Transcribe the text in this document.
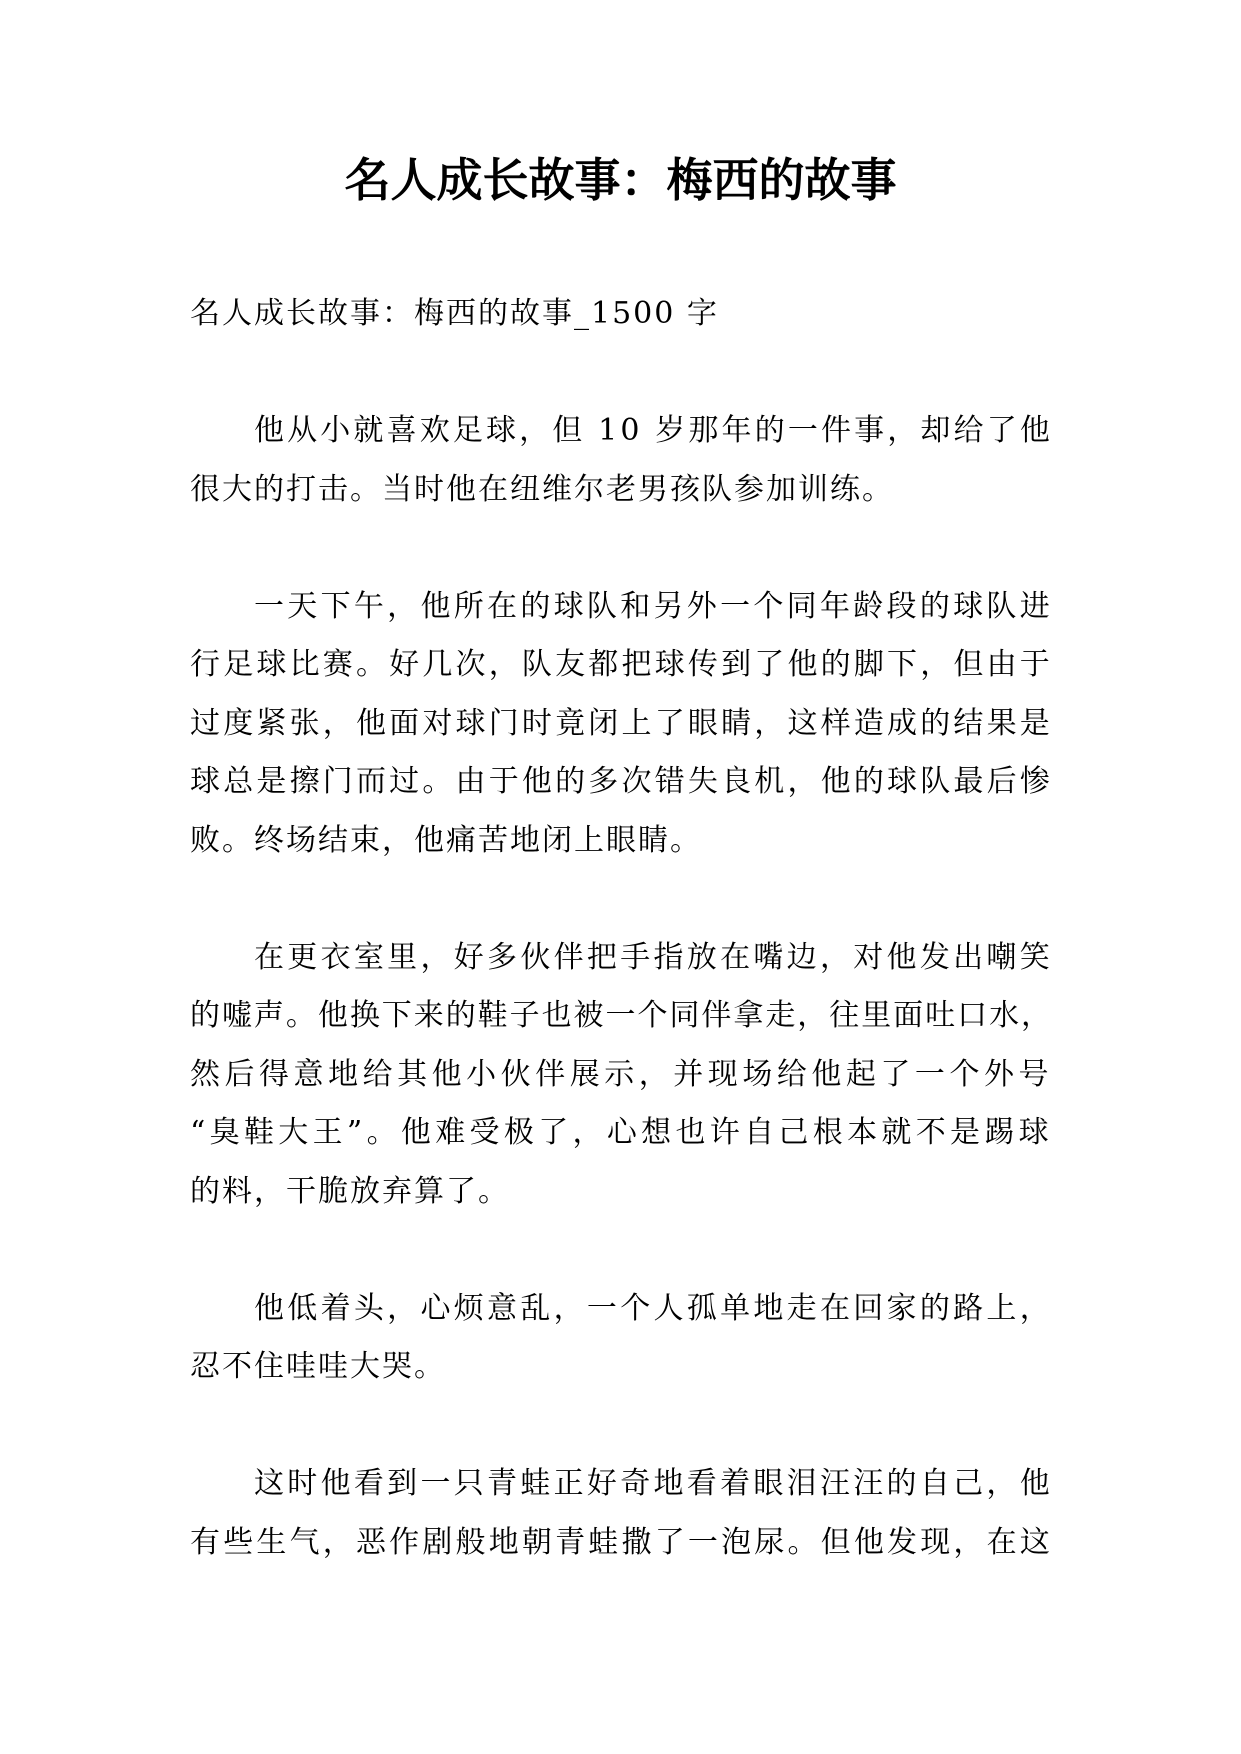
名人成长故事：梅西的故事
名人成长故事：梅西的故事_1500 字
他从小就喜欢足球，但 10 岁那年的一件事，却给了他
很大的打击。当时他在纽维尔老男孩队参加训练。
一天下午，他所在的球队和另外一个同年龄段的球队进
行足球比赛。好几次，队友都把球传到了他的脚下，但由于
过度紧张，他面对球门时竟闭上了眼睛，这样造成的结果是
球总是擦门而过。由于他的多次错失良机，他的球队最后惨
败。终场结束，他痛苦地闭上眼睛。
在更衣室里，好多伙伴把手指放在嘴边，对他发出嘲笑
的嘘声。他换下来的鞋子也被一个同伴拿走，往里面吐口水，
然后得意地给其他小伙伴展示，并现场给他起了一个外号
“臭鞋大王”。他难受极了，心想也许自己根本就不是踢球
的料，干脆放弃算了。
他低着头，心烦意乱，一个人孤单地走在回家的路上，
忍不住哇哇大哭。
这时他看到一只青蛙正好奇地看着眼泪汪汪的自己，他
有些生气，恶作剧般地朝青蛙撒了一泡尿。但他发现，在这
